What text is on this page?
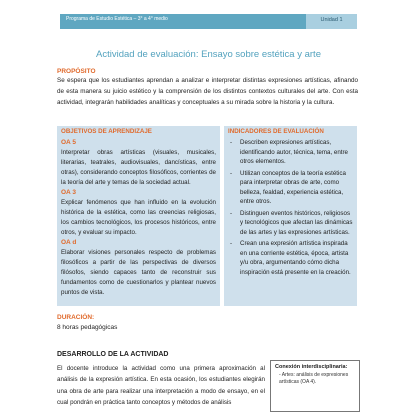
Programa de Estudio Estética – 3° a 4° medio	Unidad 1
Actividad de evaluación: Ensayo sobre estética y arte
PROPÓSITO

Se espera que los estudiantes aprendan a analizar e interpretar distintas expresiones artísticas, afinando de esta manera su juicio estético y la comprensión de los distintos contextos culturales del arte. Con esta actividad, integrarán habilidades analíticas y conceptuales a su mirada sobre la historia y la cultura.

OBJETIVOS DE APRENDIZAJE

OA 5

Interpretar obras artísticas (visuales, musicales, literarias, teatrales, audiovisuales, dancísticas, entre otras), considerando conceptos filosóficos, corrientes de la teoría del arte y temas de la sociedad actual.

OA 3

Explicar fenómenos que han influido en la evolución histórica de la estética, como las creencias religiosas, los cambios tecnológicos, los procesos históricos, entre otros, y evaluar su impacto.

OA d

Elaborar visiones personales respecto de problemas filosóficos a partir de las perspectivas de diversos filósofos, siendo capaces tanto de reconstruir sus fundamentos como de cuestionarlos y plantear nuevos puntos de vista.

INDICADORES DE EVALUACIÓN
- Describen expresiones artísticas, identificando autor, técnica, tema, entre otros elementos.
- Utilizan conceptos de la teoría estética para interpretar obras de arte, como belleza, fealdad, experiencia estética, entre otros.
- Distinguen eventos históricos, religiosos y tecnológicos que afectan las dinámicas de las artes y las expresiones artísticas.
- Crean una expresión artística inspirada en una corriente estética, época, artista y/u obra, argumentando cómo dicha inspiración está presente en la creación.
DURACIÓN:

8 horas pedagógicas

DESARROLLO DE LA ACTIVIDAD

El docente introduce la actividad como una primera aproximación al análisis de la expresión artística. En esta ocasión, los estudiantes elegirán una obra de arte para realizar una interpretación a modo de ensayo, en el cual pondrán en práctica tanto conceptos y métodos de análisis

Conexión interdisciplinaria:
- Artes: análisis de expresiones artísticas (OA 4).
